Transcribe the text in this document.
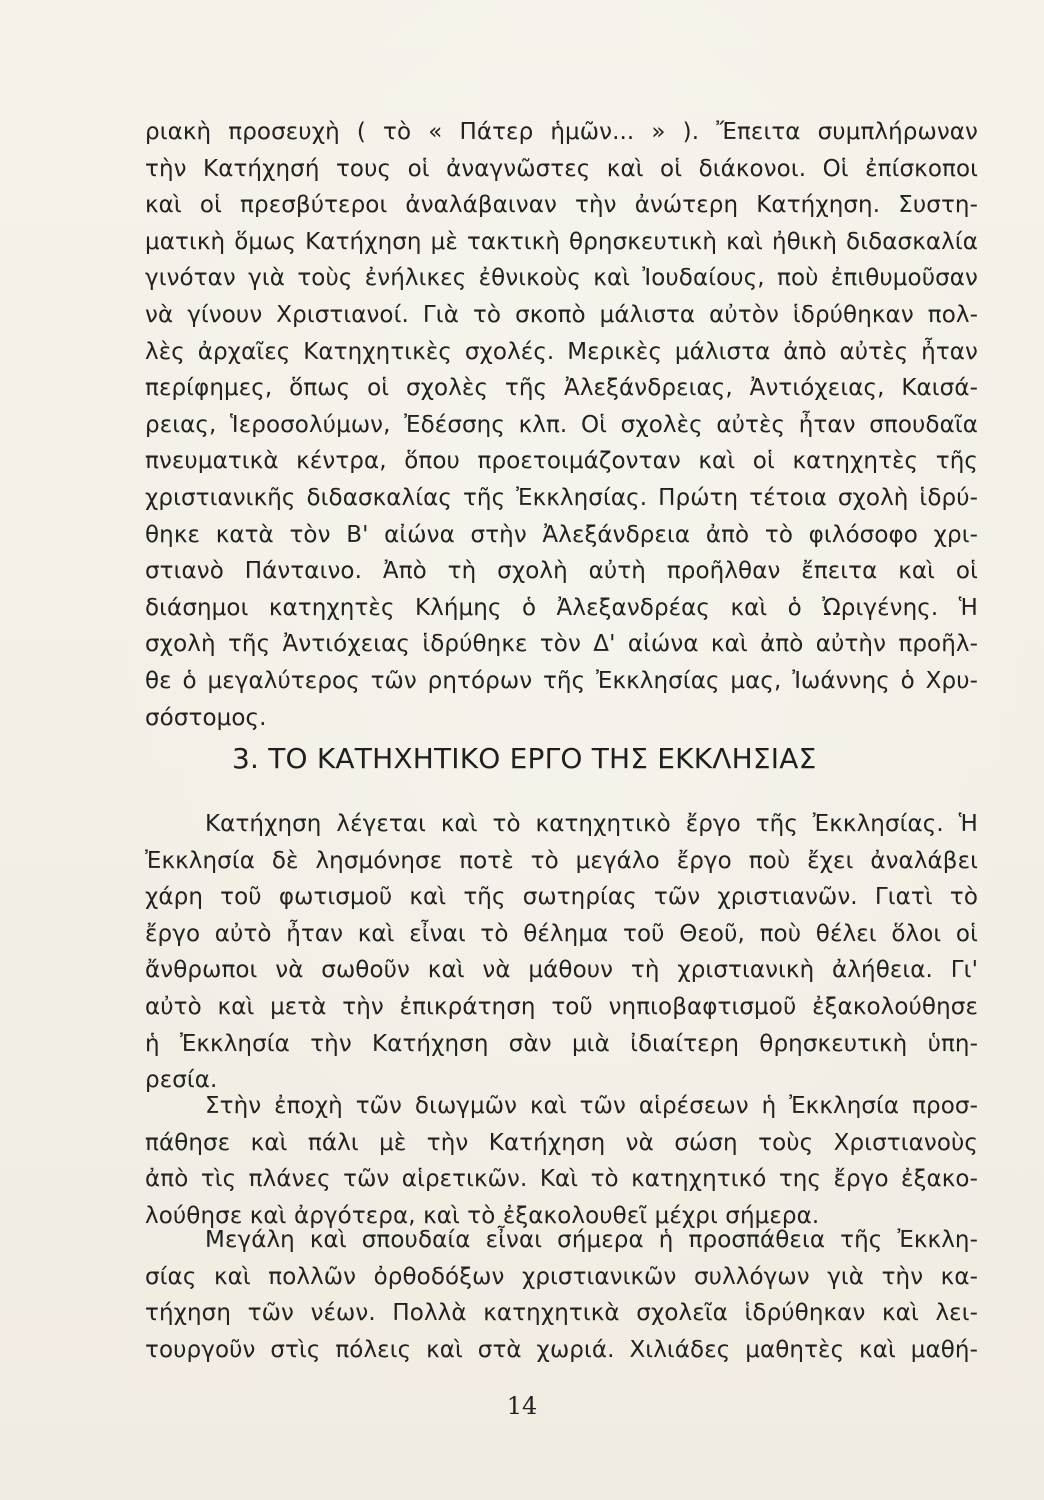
ριακὴ προσευχὴ ( τὸ « Πάτερ ἡμῶν... » ). Ἔπειτα συμπλήρωναν
τὴν Κατήχησή τους οἱ ἀναγνῶστες καὶ οἱ διάκονοι. Οἱ ἐπίσκοποι
καὶ οἱ πρεσβύτεροι ἀναλάβαιναν τὴν ἀνώτερη Κατήχηση. Συστη-
ματικὴ ὅμως Κατήχηση μὲ τακτικὴ θρησκευτικὴ καὶ ἠθικὴ διδασκαλία
γινόταν γιὰ τοὺς ἐνήλικες ἐθνικοὺς καὶ Ἰουδαίους, ποὺ ἐπιθυμοῦσαν
νὰ γίνουν Χριστιανοί. Γιὰ τὸ σκοπὸ μάλιστα αὐτὸν ἱδρύθηκαν πολ-
λὲς ἀρχαῖες Κατηχητικὲς σχολές. Μερικὲς μάλιστα ἀπὸ αὐτὲς ἦταν
περίφημες, ὅπως οἱ σχολὲς τῆς Ἀλεξάνδρειας, Ἀντιόχειας, Καισά-
ρειας, Ἱεροσολύμων, Ἐδέσσης κλπ. Οἱ σχολὲς αὐτὲς ἦταν σπουδαῖα
πνευματικὰ κέντρα, ὅπου προετοιμάζονταν καὶ οἱ κατηχητὲς τῆς
χριστιανικῆς διδασκαλίας τῆς Ἐκκλησίας. Πρώτη τέτοια σχολὴ ἱδρύ-
θηκε κατὰ τὸν Β' αἰώνα στὴν Ἀλεξάνδρεια ἀπὸ τὸ φιλόσοφο χρι-
στιανὸ Πάνταινο. Ἀπὸ τὴ σχολὴ αὐτὴ προῆλθαν ἔπειτα καὶ οἱ
διάσημοι κατηχητὲς Κλήμης ὁ Ἀλεξανδρέας καὶ ὁ Ὠριγένης. Ἡ
σχολὴ τῆς Ἀντιόχειας ἱδρύθηκε τὸν Δ' αἰώνα καὶ ἀπὸ αὐτὴν προῆλ-
θε ὁ μεγαλύτερος τῶν ρητόρων τῆς Ἐκκλησίας μας, Ἰωάννης ὁ Χρυ-
σόστομος.
3. ΤΟ ΚΑΤΗΧΗΤΙΚΟ ΕΡΓΟ ΤΗΣ ΕΚΚΛΗΣΙΑΣ
Κατήχηση λέγεται καὶ τὸ κατηχητικὸ ἔργο τῆς Ἐκκλησίας. Ἡ
Ἐκκλησία δὲ λησμόνησε ποτὲ τὸ μεγάλο ἔργο ποὺ ἔχει ἀναλάβει
χάρη τοῦ φωτισμοῦ καὶ τῆς σωτηρίας τῶν χριστιανῶν. Γιατὶ τὸ
ἔργο αὐτὸ ἦταν καὶ εἶναι τὸ θέλημα τοῦ Θεοῦ, ποὺ θέλει ὅλοι οἱ
ἄνθρωποι νὰ σωθοῦν καὶ νὰ μάθουν τὴ χριστιανικὴ ἀλήθεια. Γι'
αὐτὸ καὶ μετὰ τὴν ἐπικράτηση τοῦ νηπιοβαφτισμοῦ ἐξακολούθησε
ἡ Ἐκκλησία τὴν Κατήχηση σὰν μιὰ ἰδιαίτερη θρησκευτικὴ ὑπη-
ρεσία.
Στὴν ἐποχὴ τῶν διωγμῶν καὶ τῶν αἱρέσεων ἡ Ἐκκλησία προσ-
πάθησε καὶ πάλι μὲ τὴν Κατήχηση νὰ σώση τοὺς Χριστιανοὺς
ἀπὸ τὶς πλάνες τῶν αἱρετικῶν. Καὶ τὸ κατηχητικό της ἔργο ἐξακο-
λούθησε καὶ ἀργότερα, καὶ τὸ ἐξακολουθεῖ μέχρι σήμερα.
Μεγάλη καὶ σπουδαία εἶναι σήμερα ἡ προσπάθεια τῆς Ἐκκλη-
σίας καὶ πολλῶν ὀρθοδόξων χριστιανικῶν συλλόγων γιὰ τὴν κα-
τήχηση τῶν νέων. Πολλὰ κατηχητικὰ σχολεῖα ἱδρύθηκαν καὶ λει-
τουργοῦν στὶς πόλεις καὶ στὰ χωριά. Χιλιάδες μαθητὲς καὶ μαθή-
14
